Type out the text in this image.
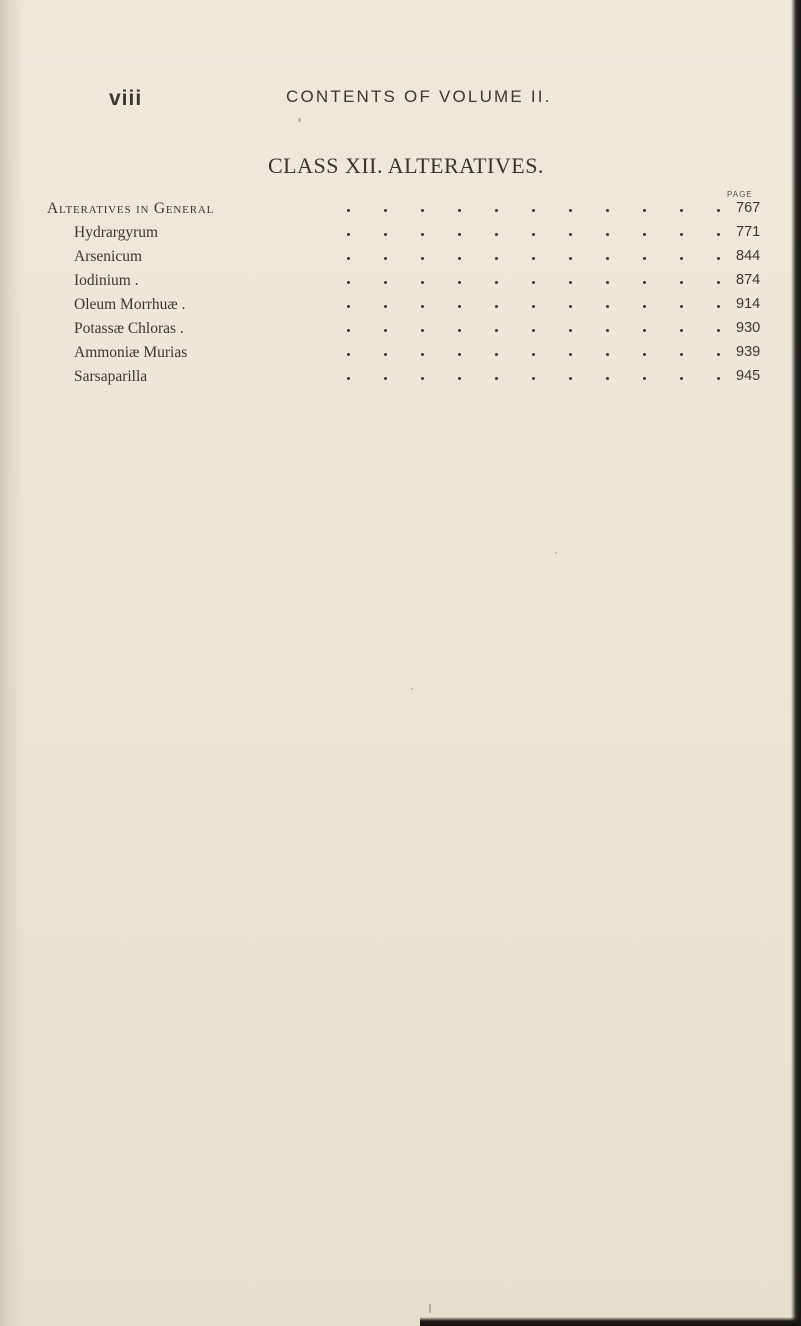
viii	CONTENTS OF VOLUME II.
CLASS XII. ALTERATIVES.
PAGE
Alteratives in General	767
Hydrargyrum	771
Arsenicum	844
Iodinium .	874
Oleum Morrhuæ .	914
Potassæ Chloras .	930
Ammoniæ Murias	939
Sarsaparilla	945
